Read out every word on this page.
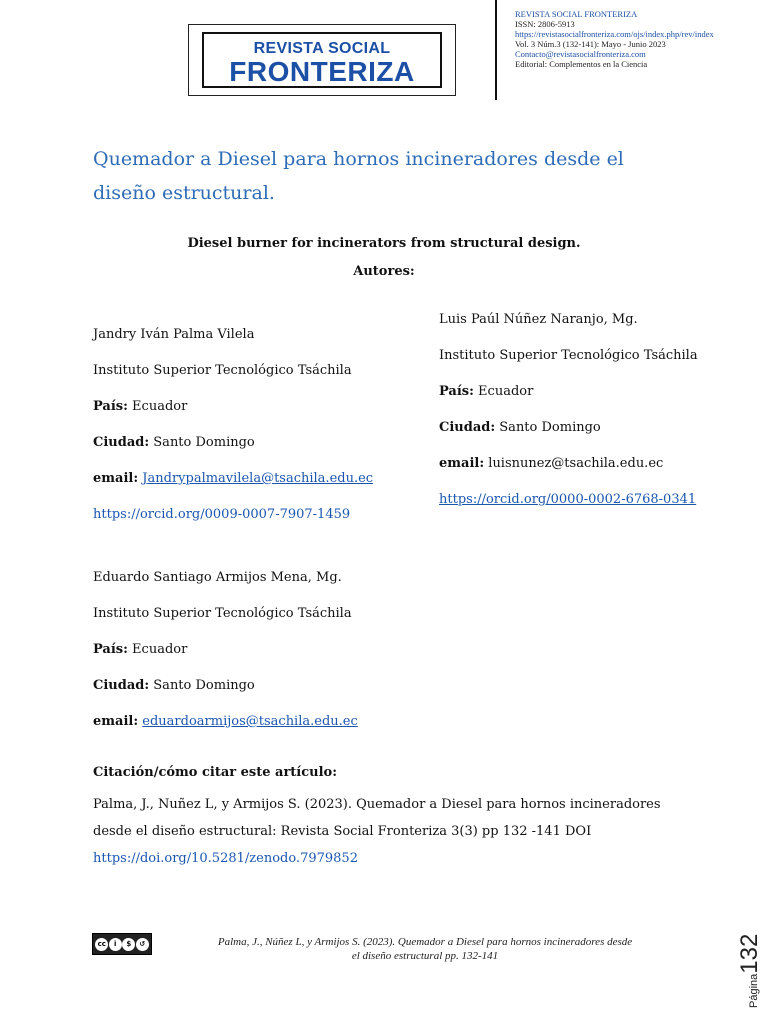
REVISTA SOCIAL
FRONTERIZA
REVISTA SOCIAL FRONTERIZA
ISSN: 2806-5913
https://revistasocialfronteriza.com/ojs/index.php/rev/index
Vol. 3 Núm.3 (132-141): Mayo - Junio 2023
Contacto@revistasocialfronteriza.com
Editorial: Complementos en la Ciencia
Quemador a Diesel para hornos incineradores desde el
diseño estructural.
Diesel burner for incinerators from structural design.
Autores:
Jandry Iván Palma Vilela
Instituto Superior Tecnológico Tsáchila
País: Ecuador
Ciudad: Santo Domingo
email: Jandrypalmavilela@tsachila.edu.ec
https://orcid.org/0009-0007-7907-1459
Luis Paúl Núñez Naranjo, Mg.
Instituto Superior Tecnológico Tsáchila
País: Ecuador
Ciudad: Santo Domingo
email: luisnunez@tsachila.edu.ec
https://orcid.org/0000-0002-6768-0341
Eduardo Santiago Armijos Mena, Mg.
Instituto Superior Tecnológico Tsáchila
País: Ecuador
Ciudad: Santo Domingo
email: eduardoarmijos@tsachila.edu.ec
Citación/cómo citar este artículo:
Palma, J., Nuñez L, y Armijos S. (2023). Quemador a Diesel para hornos incineradores
desde el diseño estructural: Revista Social Fronteriza 3(3) pp 132 -141 DOI
https://doi.org/10.5281/zenodo.7979852
cc	i	$	↺	Palma, J., Núñez L, y Armijos S. (2023). Quemador a Diesel para hornos incineradores desde
el diseño estructural pp. 132-141
Página132
